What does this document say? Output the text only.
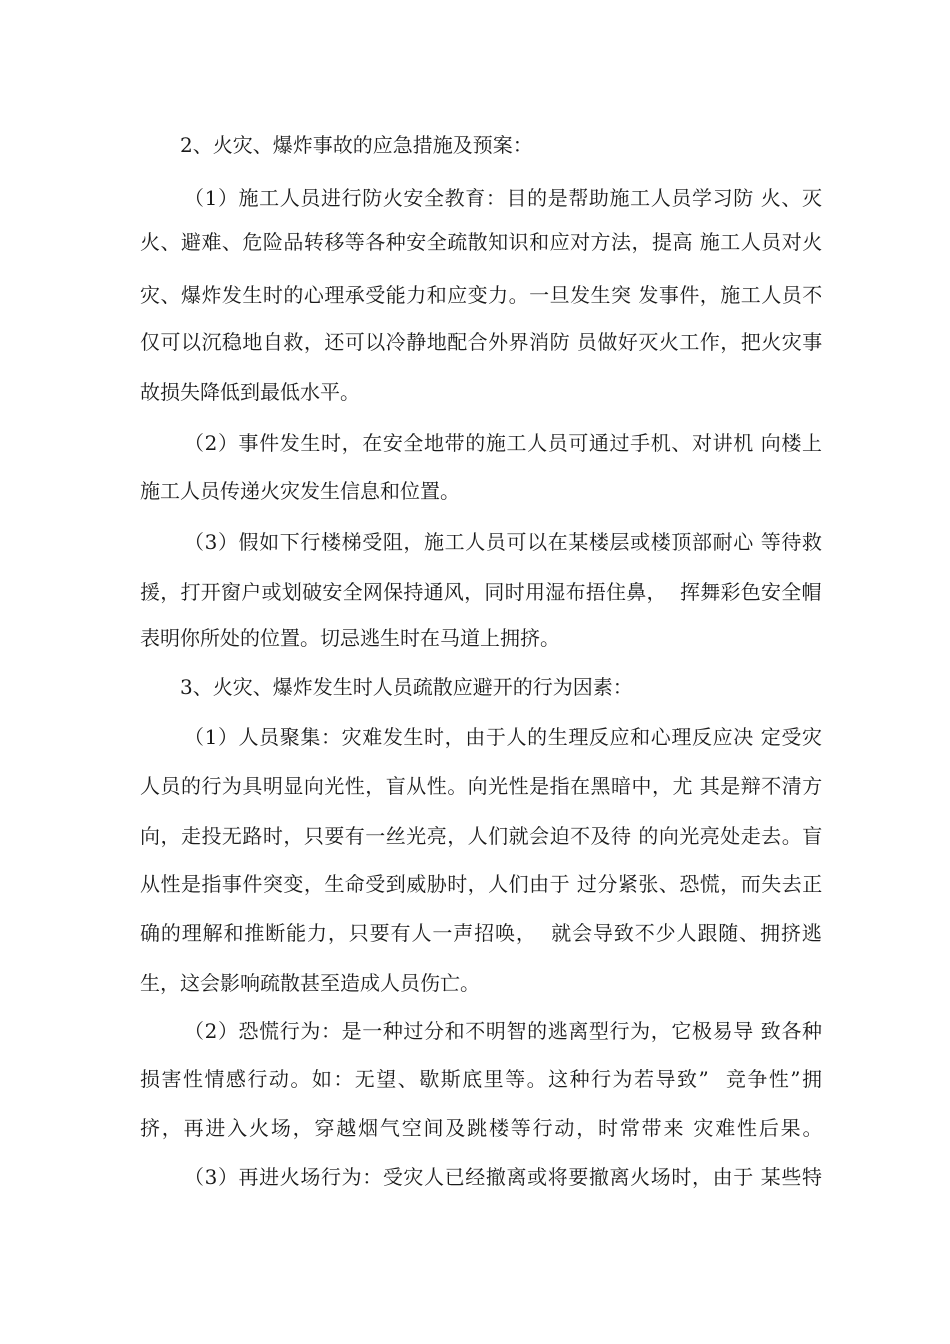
2、火灾、爆炸事故的应急措施及预案：
（1）施工人员进行防火安全教育：目的是帮助施工人员学习防 火、灭
火、避难、危险品转移等各种安全疏散知识和应对方法，提高 施工人员对火
灾、爆炸发生时的心理承受能力和应变力。一旦发生突 发事件，施工人员不
仅可以沉稳地自救，还可以冷静地配合外界消防 员做好灭火工作，把火灾事
故损失降低到最低水平。
（2）事件发生时，在安全地带的施工人员可通过手机、对讲机 向楼上
施工人员传递火灾发生信息和位置。
（3）假如下行楼梯受阻，施工人员可以在某楼层或楼顶部耐心 等待救
援，打开窗户或划破安全网保持通风，同时用湿布捂住鼻，  挥舞彩色安全帽
表明你所处的位置。切忌逃生时在马道上拥挤。
3、火灾、爆炸发生时人员疏散应避开的行为因素：
（1）人员聚集：灾难发生时，由于人的生理反应和心理反应决 定受灾
人员的行为具明显向光性，盲从性。向光性是指在黑暗中，尤 其是辩不清方
向，走投无路时，只要有一丝光亮，人们就会迫不及待 的向光亮处走去。盲
从性是指事件突变，生命受到威胁时，人们由于 过分紧张、恐慌，而失去正
确的理解和推断能力，只要有人一声招唤，  就会导致不少人跟随、拥挤逃
生，这会影响疏散甚至造成人员伤亡。
（2）恐慌行为：是一种过分和不明智的逃离型行为，它极易导 致各种
损害性情感行动。如：无望、歇斯底里等。这种行为若导致”  竞争性”拥
挤，再进入火场，穿越烟气空间及跳楼等行动，时常带来 灾难性后果。
（3）再进火场行为：受灾人已经撤离或将要撤离火场时，由于 某些特
